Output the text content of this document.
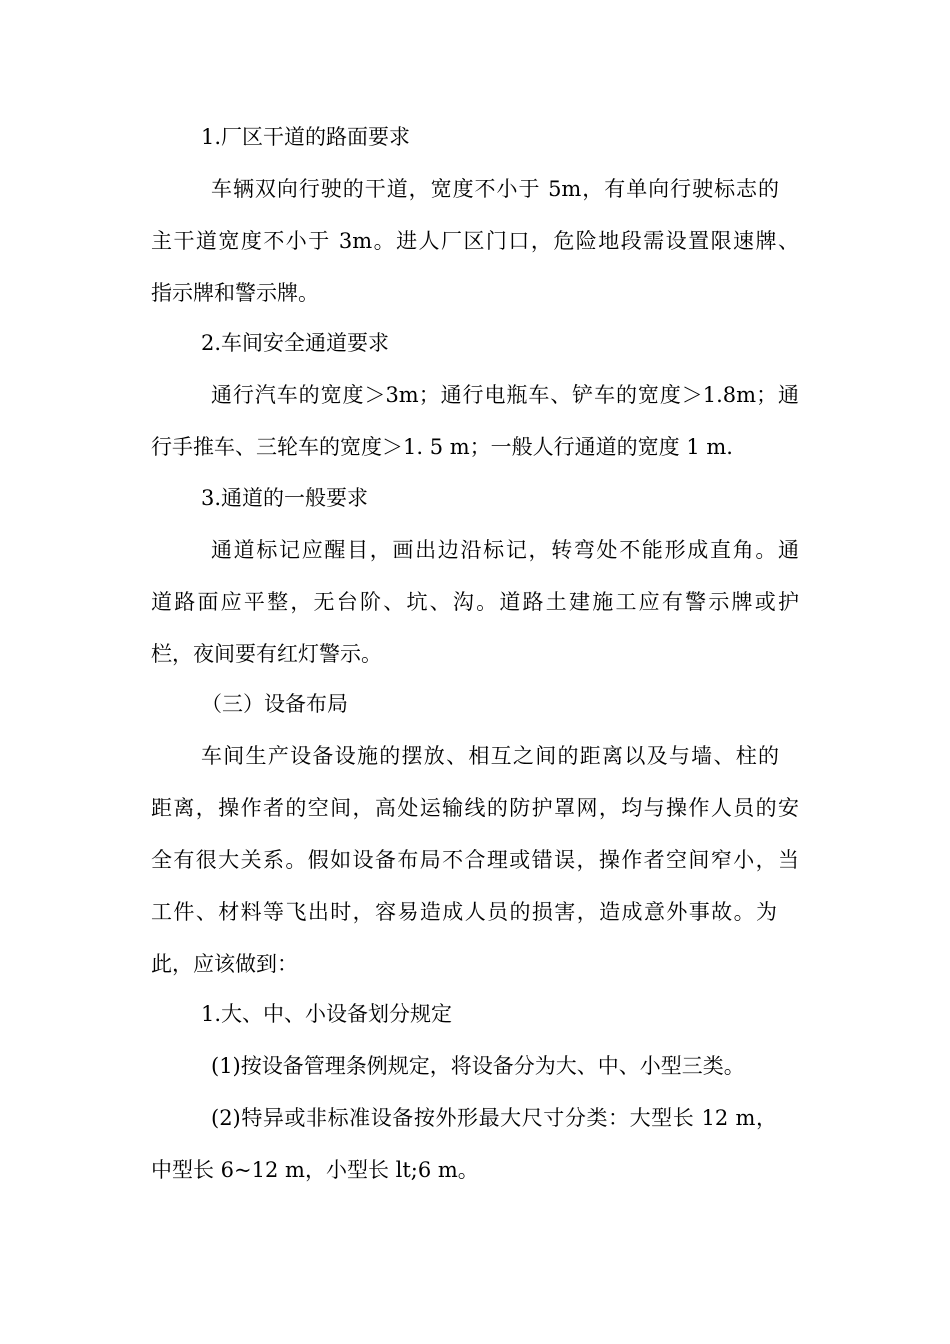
1.厂区干道的路面要求
车辆双向行驶的干道，宽度不小于 5m，有单向行驶标志的
主干道宽度不小于 3m。进人厂区门口，危险地段需设置限速牌、
指示牌和警示牌。
2.车间安全通道要求
通行汽车的宽度＞3m；通行电瓶车、铲车的宽度＞1.8m；通
行手推车、三轮车的宽度＞1. 5 m；一般人行通道的宽度 1 m.
3.通道的一般要求
通道标记应醒目，画出边沿标记，转弯处不能形成直角。通
道路面应平整，无台阶、坑、沟。道路土建施工应有警示牌或护
栏，夜间要有红灯警示。
（三）设备布局
车间生产设备设施的摆放、相互之间的距离以及与墙、柱的
距离，操作者的空间，高处运输线的防护罩网，均与操作人员的安
全有很大关系。假如设备布局不合理或错误，操作者空间窄小，当
工件、材料等飞出时，容易造成人员的损害，造成意外事故。为
此，应该做到：
1.大、中、小设备划分规定
(1)按设备管理条例规定，将设备分为大、中、小型三类。
(2)特异或非标准设备按外形最大尺寸分类：大型长 12 m，
中型长 6~12 m，小型长 lt;6 m。
